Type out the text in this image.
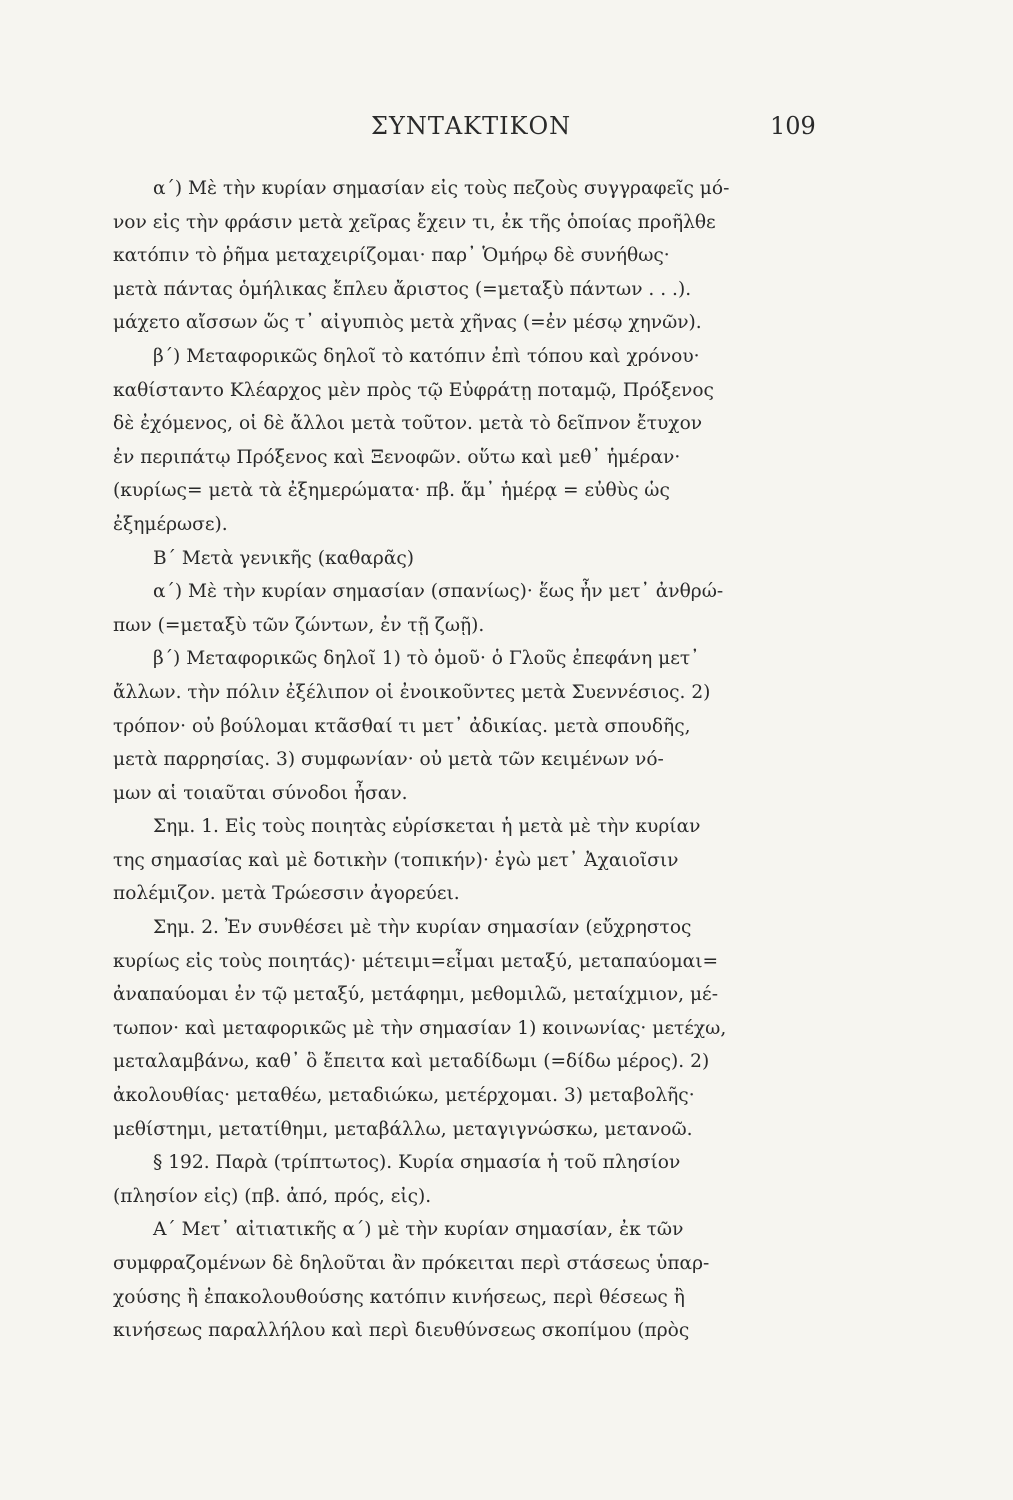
ΣΥΝΤΑΚΤΙΚΟΝ	109
α΄) Μὲ τὴν κυρίαν σημασίαν εἰς τοὺς πεζοὺς συγγραφεῖς μό-
νον εἰς τὴν φράσιν μετὰ χεῖρας ἔχειν τι, ἐκ τῆς ὁποίας προῆλθε
κατόπιν τὸ ῥῆμα μεταχειρίζομαι· παρ᾽ Ὁμήρῳ δὲ συνήθως·
μετὰ πάντας ὁμήλικας ἔπλευ ἄριστος (=μεταξὺ πάντων . . .).
μάχετο αἴσσων ὥς τ᾽ αἰγυπιὸς μετὰ χῆνας (=ἐν μέσῳ χηνῶν).
β΄) Μεταφορικῶς δηλοῖ τὸ κατόπιν ἐπὶ τόπου καὶ χρόνου·
καθίσταντο Κλέαρχος μὲν πρὸς τῷ Εὐφράτῃ ποταμῷ, Πρόξενος
δὲ ἐχόμενος, οἱ δὲ ἄλλοι μετὰ τοῦτον. μετὰ τὸ δεῖπνον ἔτυχον
ἐν περιπάτῳ Πρόξενος καὶ Ξενοφῶν. οὕτω καὶ μεθ᾽ ἡμέραν·
(κυρίως= μετὰ τὰ ἐξημερώματα· πβ. ἅμ᾽ ἡμέρᾳ = εὐθὺς ὡς
ἐξημέρωσε).
Β΄ Μετὰ γενικῆς (καθαρᾶς)
α΄) Μὲ τὴν κυρίαν σημασίαν (σπανίως)· ἕως ἦν μετ᾽ ἀνθρώ-
πων (=μεταξὺ τῶν ζώντων, ἐν τῇ ζωῇ).
β΄) Μεταφορικῶς δηλοῖ 1) τὸ ὁμοῦ· ὁ Γλοῦς ἐπεφάνη μετ᾽
ἄλλων. τὴν πόλιν ἐξέλιπον οἱ ἐνοικοῦντες μετὰ Συεννέσιος. 2)
τρόπον· οὐ βούλομαι κτᾶσθαί τι μετ᾽ ἀδικίας. μετὰ σπουδῆς,
μετὰ παρρησίας. 3) συμφωνίαν· οὐ μετὰ τῶν κειμένων νό-
μων αἱ τοιαῦται σύνοδοι ἦσαν.
Σημ. 1. Εἰς τοὺς ποιητὰς εὑρίσκεται ἡ μετὰ μὲ τὴν κυρίαν
της σημασίας καὶ μὲ δοτικὴν (τοπικήν)· ἐγὼ μετ᾽ Ἀχαιοῖσιν
πολέμιζον. μετὰ Τρώεσσιν ἀγορεύει.
Σημ. 2. Ἐν συνθέσει μὲ τὴν κυρίαν σημασίαν (εὔχρηστος
κυρίως εἰς τοὺς ποιητάς)· μέτειμι=εἶμαι μεταξύ, μεταπαύομαι=
ἀναπαύομαι ἐν τῷ μεταξύ, μετάφημι, μεθομιλῶ, μεταίχμιον, μέ-
τωπον· καὶ μεταφορικῶς μὲ τὴν σημασίαν 1) κοινωνίας· μετέχω,
μεταλαμβάνω, καθ᾽ ὃ ἔπειτα καὶ μεταδίδωμι (=δίδω μέρος). 2)
ἀκολουθίας· μεταθέω, μεταδιώκω, μετέρχομαι. 3) μεταβολῆς·
μεθίστημι, μετατίθημι, μεταβάλλω, μεταγιγνώσκω, μετανοῶ.
§ 192. Παρὰ (τρίπτωτος). Κυρία σημασία ἡ τοῦ πλησίον
(πλησίον εἰς) (πβ. ἀπό, πρός, εἰς).
Α΄ Μετ᾽ αἰτιατικῆς α΄) μὲ τὴν κυρίαν σημασίαν, ἐκ τῶν
συμφραζομένων δὲ δηλοῦται ἂν πρόκειται περὶ στάσεως ὑπαρ-
χούσης ἢ ἐπακολουθούσης κατόπιν κινήσεως, περὶ θέσεως ἢ
κινήσεως παραλλήλου καὶ περὶ διευθύνσεως σκοπίμου (πρὸς
